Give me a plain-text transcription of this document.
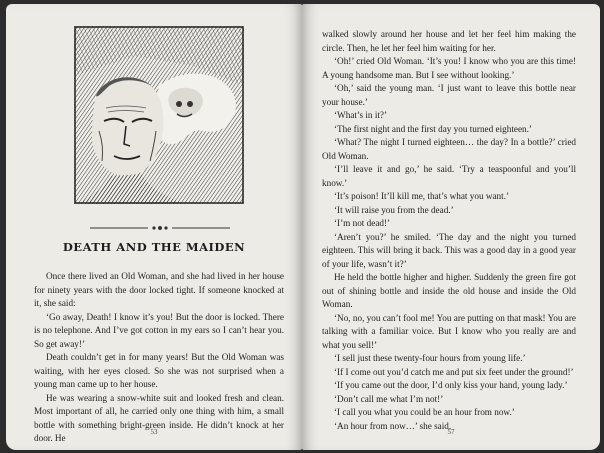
DEATH AND THE MAIDEN

Once there lived an Old Woman, and she had lived in her house for ninety years with the door locked tight. If someone knocked at it, she said:

‘Go away, Death! I know it’s you! But the door is locked. There is no telephone. And I’ve got cotton in my ears so I can’t hear you. So get away!’

Death couldn’t get in for many years! But the Old Woman was waiting, with her eyes closed. So she was not surprised when a young man came up to her house.

He was wearing a snow-white suit and looked fresh and clean. Most important of all, he carried only one thing with him, a small bottle with something bright-green inside. He didn’t knock at her door. He

53

walked slowly around her house and let her feel him making the circle. Then, he let her feel him waiting for her.

‘Oh!’ cried Old Woman. ‘It’s you! I know who you are this time! A young handsome man. But I see without looking.’

‘Oh,’ said the young man. ‘I just want to leave this bottle near your house.’

‘What’s in it?’

‘The first night and the first day you turned eighteen.’

‘What? The night I turned eighteen… the day? In a bottle?’ cried Old Woman.

‘I’ll leave it and go,’ he said. ‘Try a teaspoonful and you’ll know.’

‘It’s poison! It’ll kill me, that’s what you want.’

‘It will raise you from the dead.’

‘I’m not dead!’

‘Aren’t you?’ he smiled. ‘The day and the night you turned eighteen. This will bring it back. This was a good day in a good year of your life, wasn’t it?’

He held the bottle higher and higher. Suddenly the green fire got out of shining bottle and inside the old house and inside the Old Woman.

‘No, no, you can’t fool me! You are putting on that mask! You are talking with a familiar voice. But I know who you really are and what you sell!’

‘I sell just these twenty-four hours from young life.’

‘If I come out you’d catch me and put six feet under the ground!’

‘If you came out the door, I’d only kiss your hand, young lady.’

‘Don’t call me what I’m not!’

‘I call you what you could be an hour from now.’

‘An hour from now…’ she said.

57
